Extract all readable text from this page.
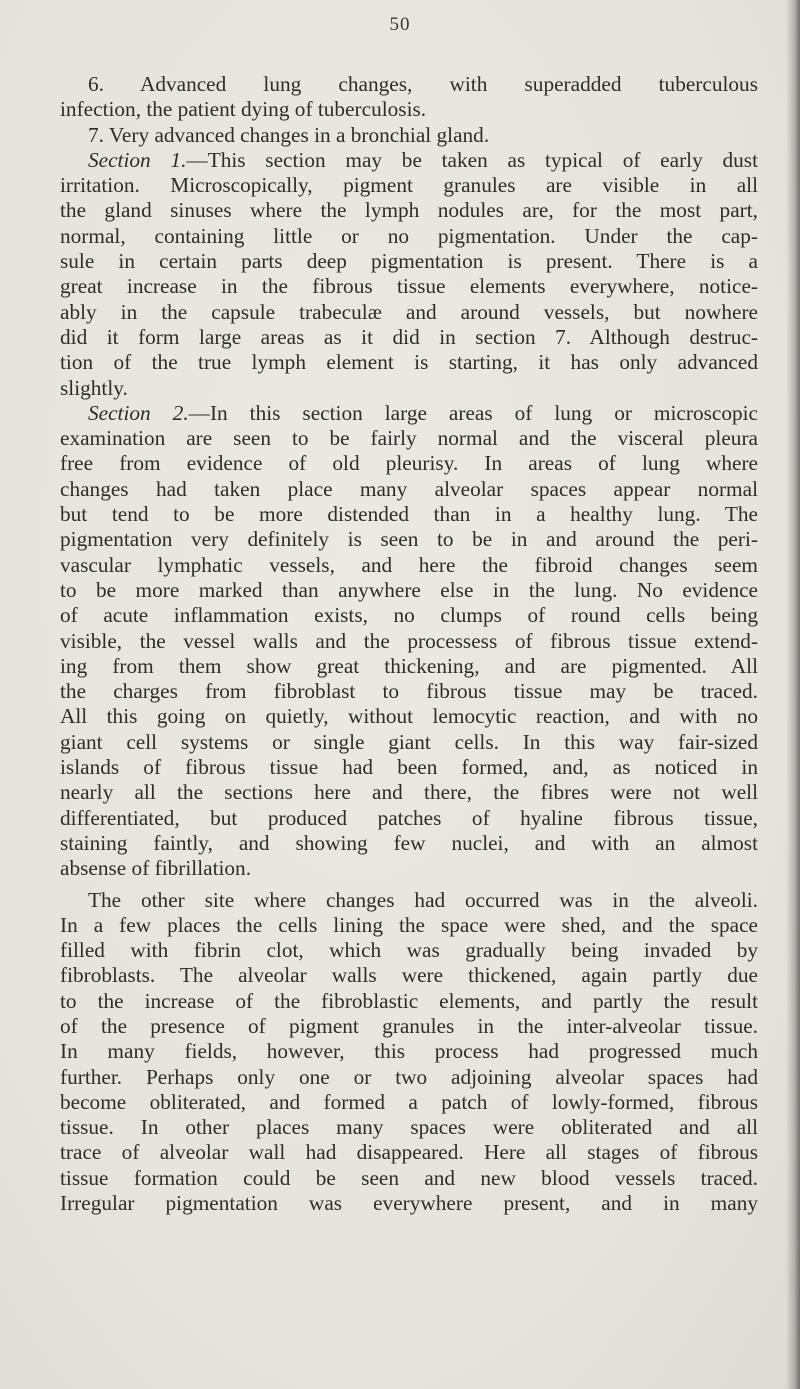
50
6. Advanced lung changes, with superadded tuberculous
infection, the patient dying of tuberculosis.
7. Very advanced changes in a bronchial gland.
Section 1.—This section may be taken as typical of early dust
irritation. Microscopically, pigment granules are visible in all
the gland sinuses where the lymph nodules are, for the most part,
normal, containing little or no pigmentation. Under the cap-
sule in certain parts deep pigmentation is present. There is a
great increase in the fibrous tissue elements everywhere, notice-
ably in the capsule trabeculæ and around vessels, but nowhere
did it form large areas as it did in section 7. Although destruc-
tion of the true lymph element is starting, it has only advanced
slightly.
Section 2.—In this section large areas of lung or microscopic
examination are seen to be fairly normal and the visceral pleura
free from evidence of old pleurisy. In areas of lung where
changes had taken place many alveolar spaces appear normal
but tend to be more distended than in a healthy lung. The
pigmentation very definitely is seen to be in and around the peri-
vascular lymphatic vessels, and here the fibroid changes seem
to be more marked than anywhere else in the lung. No evidence
of acute inflammation exists, no clumps of round cells being
visible, the vessel walls and the processess of fibrous tissue extend-
ing from them show great thickening, and are pigmented. All
the charges from fibroblast to fibrous tissue may be traced.
All this going on quietly, without lemocytic reaction, and with no
giant cell systems or single giant cells. In this way fair-sized
islands of fibrous tissue had been formed, and, as noticed in
nearly all the sections here and there, the fibres were not well
differentiated, but produced patches of hyaline fibrous tissue,
staining faintly, and showing few nuclei, and with an almost
absense of fibrillation.
The other site where changes had occurred was in the alveoli.
In a few places the cells lining the space were shed, and the space
filled with fibrin clot, which was gradually being invaded by
fibroblasts. The alveolar walls were thickened, again partly due
to the increase of the fibroblastic elements, and partly the result
of the presence of pigment granules in the inter-alveolar tissue.
In many fields, however, this process had progressed much
further. Perhaps only one or two adjoining alveolar spaces had
become obliterated, and formed a patch of lowly-formed, fibrous
tissue. In other places many spaces were obliterated and all
trace of alveolar wall had disappeared. Here all stages of fibrous
tissue formation could be seen and new blood vessels traced.
Irregular pigmentation was everywhere present, and in many
